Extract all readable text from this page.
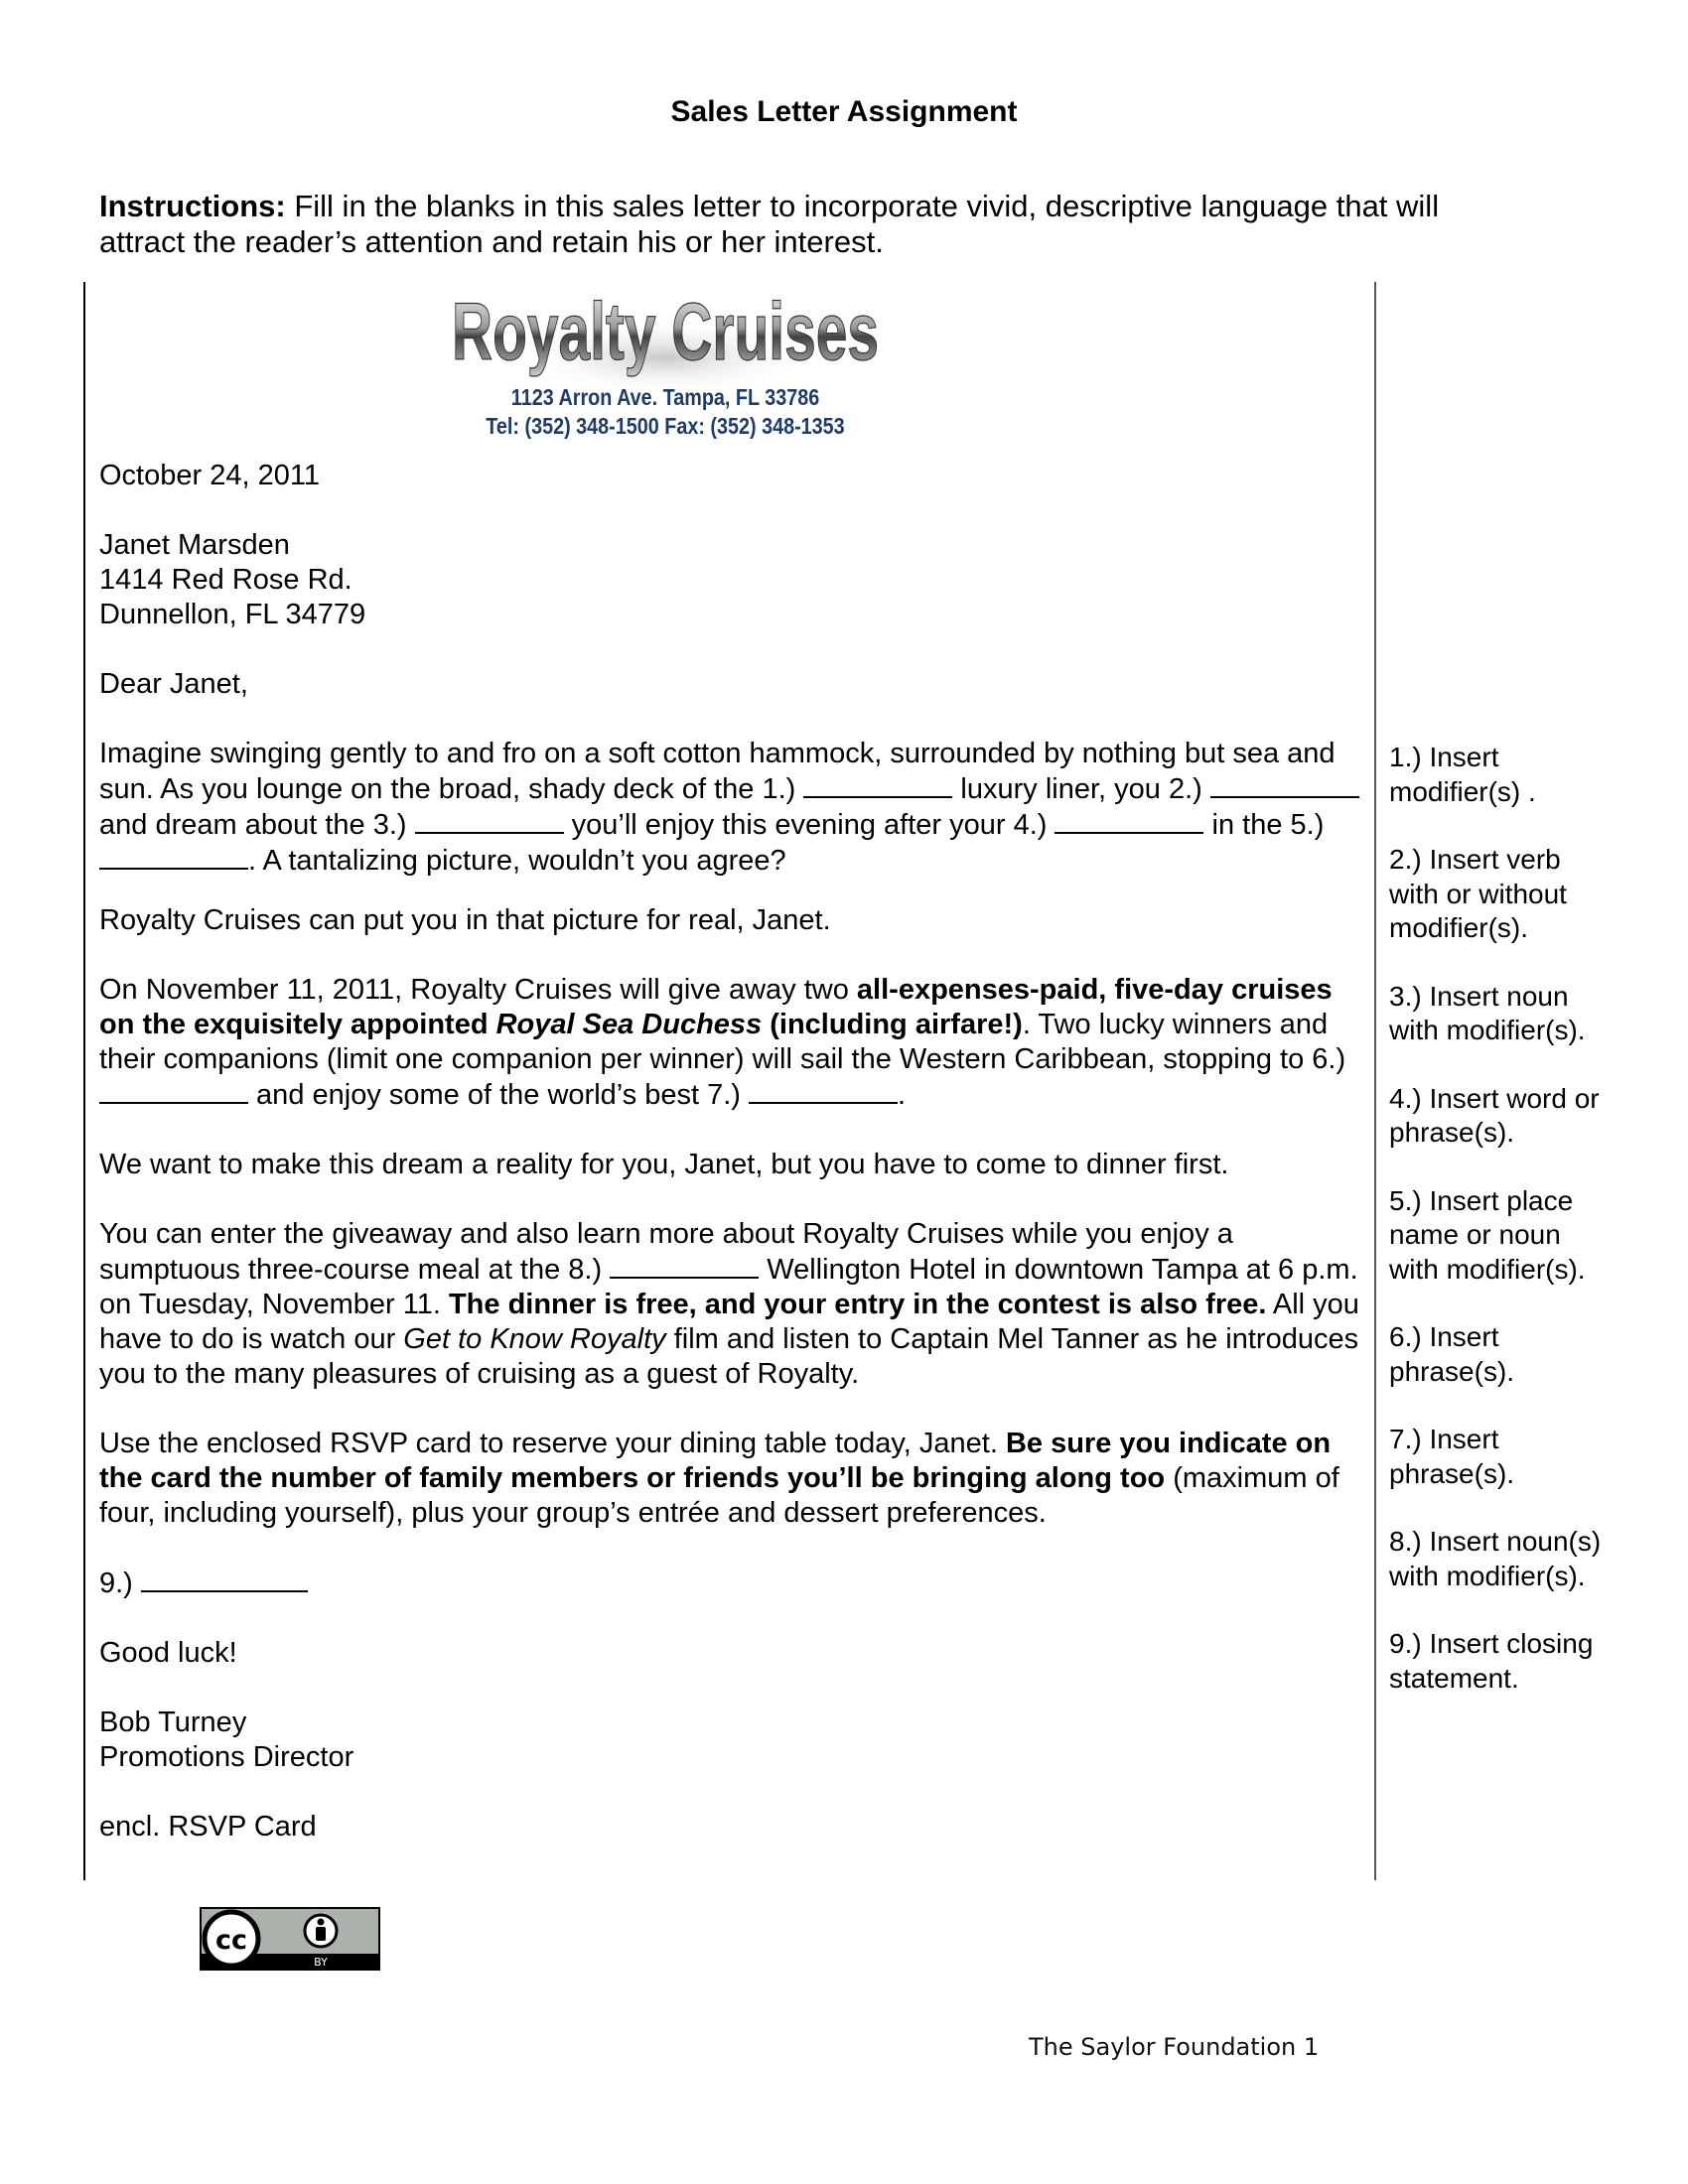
Sales Letter Assignment
Instructions: Fill in the blanks in this sales letter to incorporate vivid, descriptive language that will attract the reader’s attention and retain his or her interest.
Royalty Cruises
1123 Arron Ave. Tampa, FL 33786
Tel: (352) 348-1500 Fax: (352) 348-1353

October 24, 2011

Janet Marsden

1414 Red Rose Rd.

Dunnellon, FL 34779

Dear Janet,

Imagine swinging gently to and fro on a soft cotton hammock, surrounded by nothing but sea and sun. As you lounge on the broad, shady deck of the 1.)	luxury liner, you 2.)  and dream about the 3.)	you’ll enjoy this evening after your 4.)	in the 5.) . A tantalizing picture, wouldn’t you agree?

Royalty Cruises can put you in that picture for real, Janet.

On November 11, 2011, Royalty Cruises will give away two all-expenses-paid, five-day cruises on the exquisitely appointed Royal Sea Duchess (including airfare!). Two lucky winners and their companions (limit one companion per winner) will sail the Western Caribbean, stopping to 6.)  and enjoy some of the world’s best 7.)	.

We want to make this dream a reality for you, Janet, but you have to come to dinner first.

You can enter the giveaway and also learn more about Royalty Cruises while you enjoy a sumptuous three-course meal at the 8.)	Wellington Hotel in downtown Tampa at 6 p.m. on Tuesday, November 11. The dinner is free, and your entry in the contest is also free. All you have to do is watch our Get to Know Royalty film and listen to Captain Mel Tanner as he introduces you to the many pleasures of cruising as a guest of Royalty.

Use the enclosed RSVP card to reserve your dining table today, Janet. Be sure you indicate on the card the number of family members or friends you’ll be bringing along too (maximum of four, including yourself), plus your group’s entrée and dessert preferences.

9.)

Good luck!

Bob Turney

Promotions Director

encl. RSVP Card

1.) Insert modifier(s) .
2.) Insert verb with or without modifier(s).
3.) Insert noun with modifier(s).
4.) Insert word or phrase(s).
5.) Insert place name or noun with modifier(s).
6.) Insert phrase(s).
7.) Insert phrase(s).
8.) Insert noun(s) with modifier(s).
9.) Insert closing statement.
cc
BY
The Saylor Foundation 1
